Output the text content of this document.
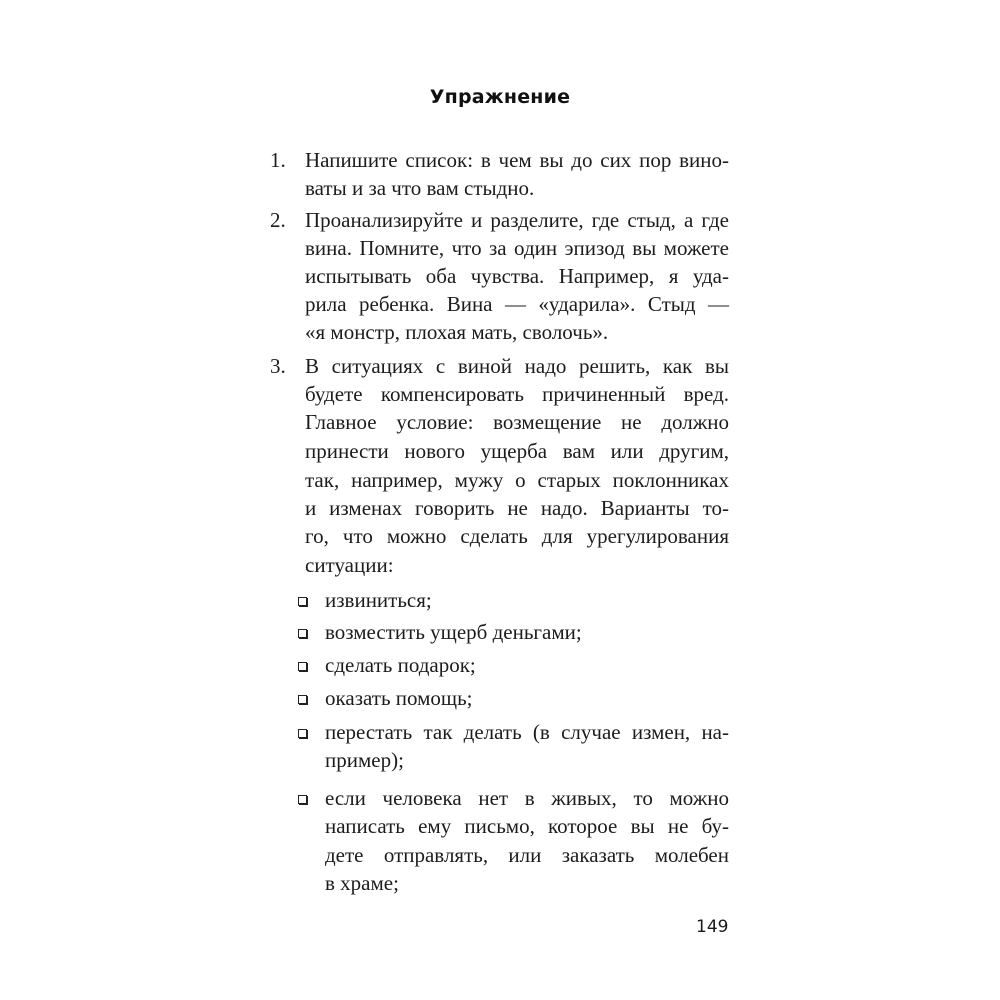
Упражнение
1. Напишите список: в чем вы до сих пор вино-
ваты и за что вам стыдно.
2. Проанализируйте и разделите, где стыд, а где
вина. Помните, что за один эпизод вы можете
испытывать оба чувства. Например, я уда-
рила ребенка. Вина — «ударила». Стыд —
«я монстр, плохая мать, сволочь».
3. В ситуациях с виной надо решить, как вы
будете компенсировать причиненный вред.
Главное условие: возмещение не должно
принести нового ущерба вам или другим,
так, например, мужу о старых поклонниках
и изменах говорить не надо. Варианты то-
го, что можно сделать для урегулирования
ситуации:
извиниться;
возместить ущерб деньгами;
сделать подарок;
оказать помощь;
перестать так делать (в случае измен, на-
пример);
если человека нет в живых, то можно
написать ему письмо, которое вы не бу-
дете отправлять, или заказать молебен
в храме;
149
